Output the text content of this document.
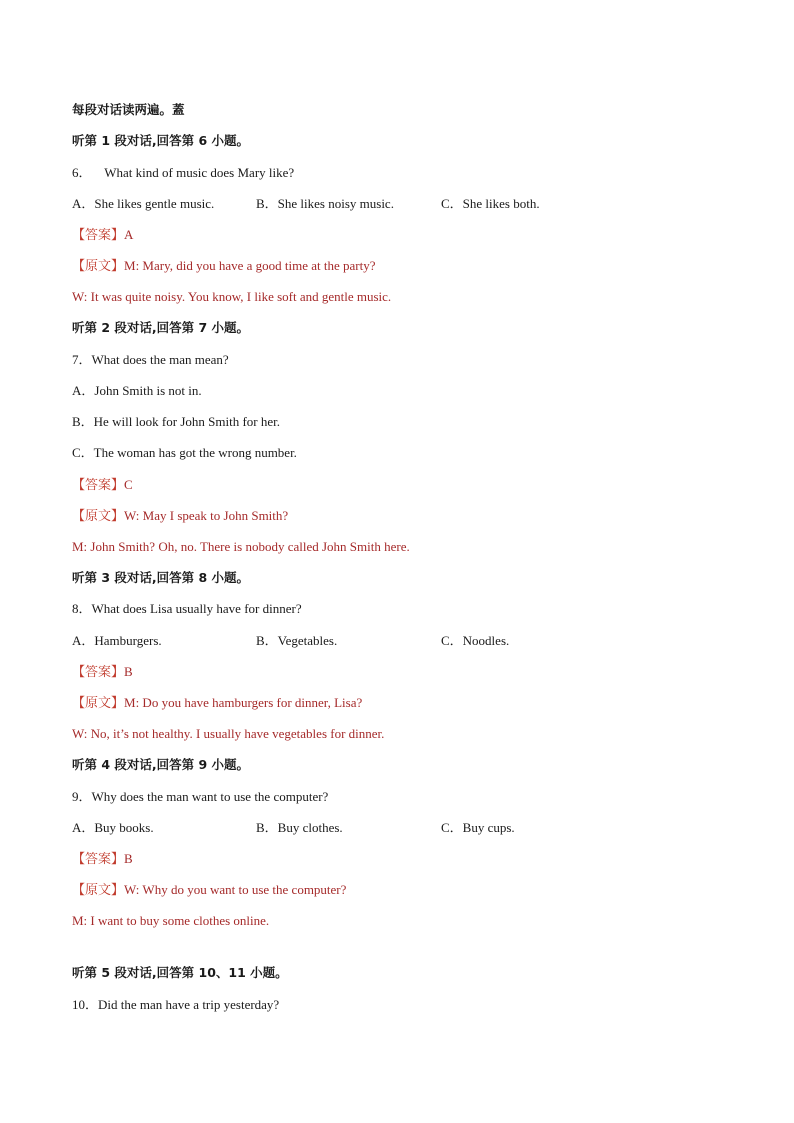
每段对话读两遍。蓋
听第 1 段对话,回答第 6 小题。
6．    What kind of music does Mary like?
A．She likes gentle music.	B．She likes noisy music.	C．She likes both.
【答案】A
【原文】M: Mary, did you have a good time at the party?
W: It was quite noisy. You know, I like soft and gentle music.
听第 2 段对话,回答第 7 小题。
7．What does the man mean?
A．John Smith is not in.
B．He will look for John Smith for her.
C．The woman has got the wrong number.
【答案】C
【原文】W: May I speak to John Smith?
M: John Smith? Oh, no. There is nobody called John Smith here.
听第 3 段对话,回答第 8 小题。
8．What does Lisa usually have for dinner?
A．Hamburgers.	B．Vegetables.	C．Noodles.
【答案】B
【原文】M: Do you have hamburgers for dinner, Lisa?
W: No, it’s not healthy. I usually have vegetables for dinner.
听第 4 段对话,回答第 9 小题。
9．Why does the man want to use the computer?
A．Buy books.	B．Buy clothes.	C．Buy cups.
【答案】B
【原文】W: Why do you want to use the computer?
M: I want to buy some clothes online.
听第 5 段对话,回答第 10、11 小题。
10．Did the man have a trip yesterday?
